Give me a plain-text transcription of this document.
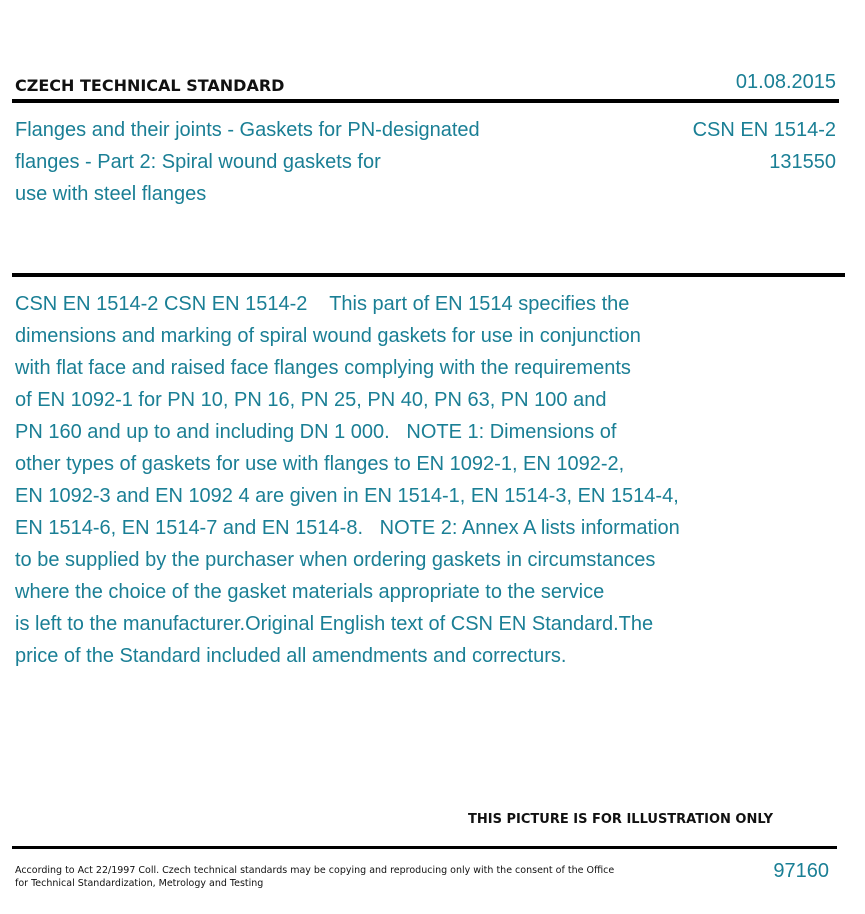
CZECH TECHNICAL STANDARD	01.08.2015
Flanges and their joints - Gaskets for PN-designated
flanges - Part 2: Spiral wound gaskets for
use with steel flanges
CSN EN 1514-2
131550
CSN EN 1514-2 CSN EN 1514-2    This part of EN 1514 specifies the
dimensions and marking of spiral wound gaskets for use in conjunction
with flat face and raised face flanges complying with the requirements
of EN 1092-1 for PN 10, PN 16, PN 25, PN 40, PN 63, PN 100 and
PN 160 and up to and including DN 1 000.   NOTE 1: Dimensions of
other types of gaskets for use with flanges to EN 1092-1, EN 1092-2,
EN 1092-3 and EN 1092 4 are given in EN 1514-1, EN 1514-3, EN 1514-4,
EN 1514-6, EN 1514-7 and EN 1514-8.   NOTE 2: Annex A lists information
to be supplied by the purchaser when ordering gaskets in circumstances
where the choice of the gasket materials appropriate to the service
is left to the manufacturer.Original English text of CSN EN Standard.The
price of the Standard included all amendments and correcturs.
THIS PICTURE IS FOR ILLUSTRATION ONLY
According to Act 22/1997 Coll. Czech technical standards may be copying and reproducing only with the consent of the Office
for Technical Standardization, Metrology and Testing
97160
